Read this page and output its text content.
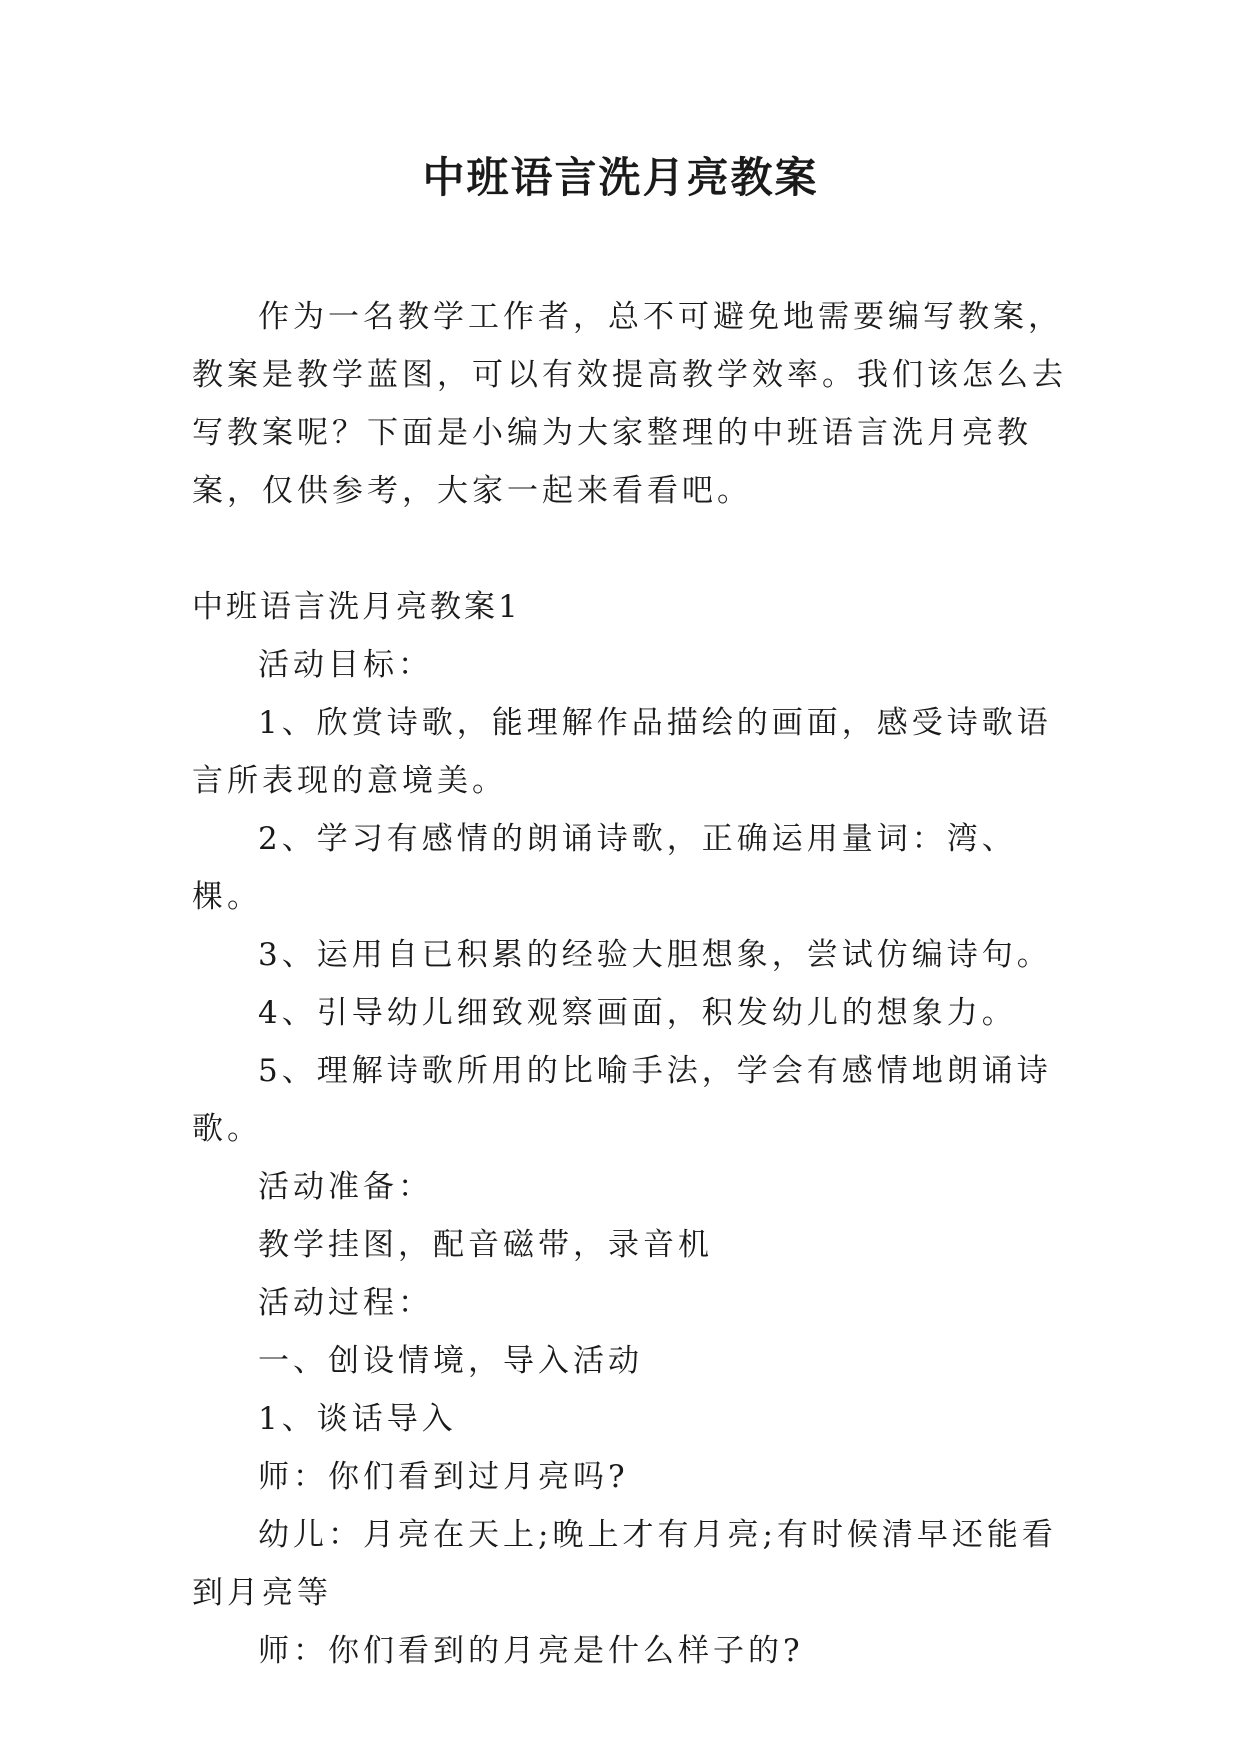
中班语言洗月亮教案

作为一名教学工作者，总不可避免地需要编写教案，教案是教学蓝图，可以有效提高教学效率。我们该怎么去写教案呢？下面是小编为大家整理的中班语言洗月亮教案，仅供参考，大家一起来看看吧。

中班语言洗月亮教案1

活动目标：

1、欣赏诗歌，能理解作品描绘的画面，感受诗歌语言所表现的意境美。

2、学习有感情的朗诵诗歌，正确运用量词：湾、棵。

3、运用自已积累的经验大胆想象，尝试仿编诗句。

4、引导幼儿细致观察画面，积发幼儿的想象力。

5、理解诗歌所用的比喻手法，学会有感情地朗诵诗歌。

活动准备：

教学挂图，配音磁带，录音机

活动过程：

一、创设情境，导入活动

1、谈话导入

师：你们看到过月亮吗?

幼儿：月亮在天上;晚上才有月亮;有时候清早还能看到月亮等

师：你们看到的月亮是什么样子的?
